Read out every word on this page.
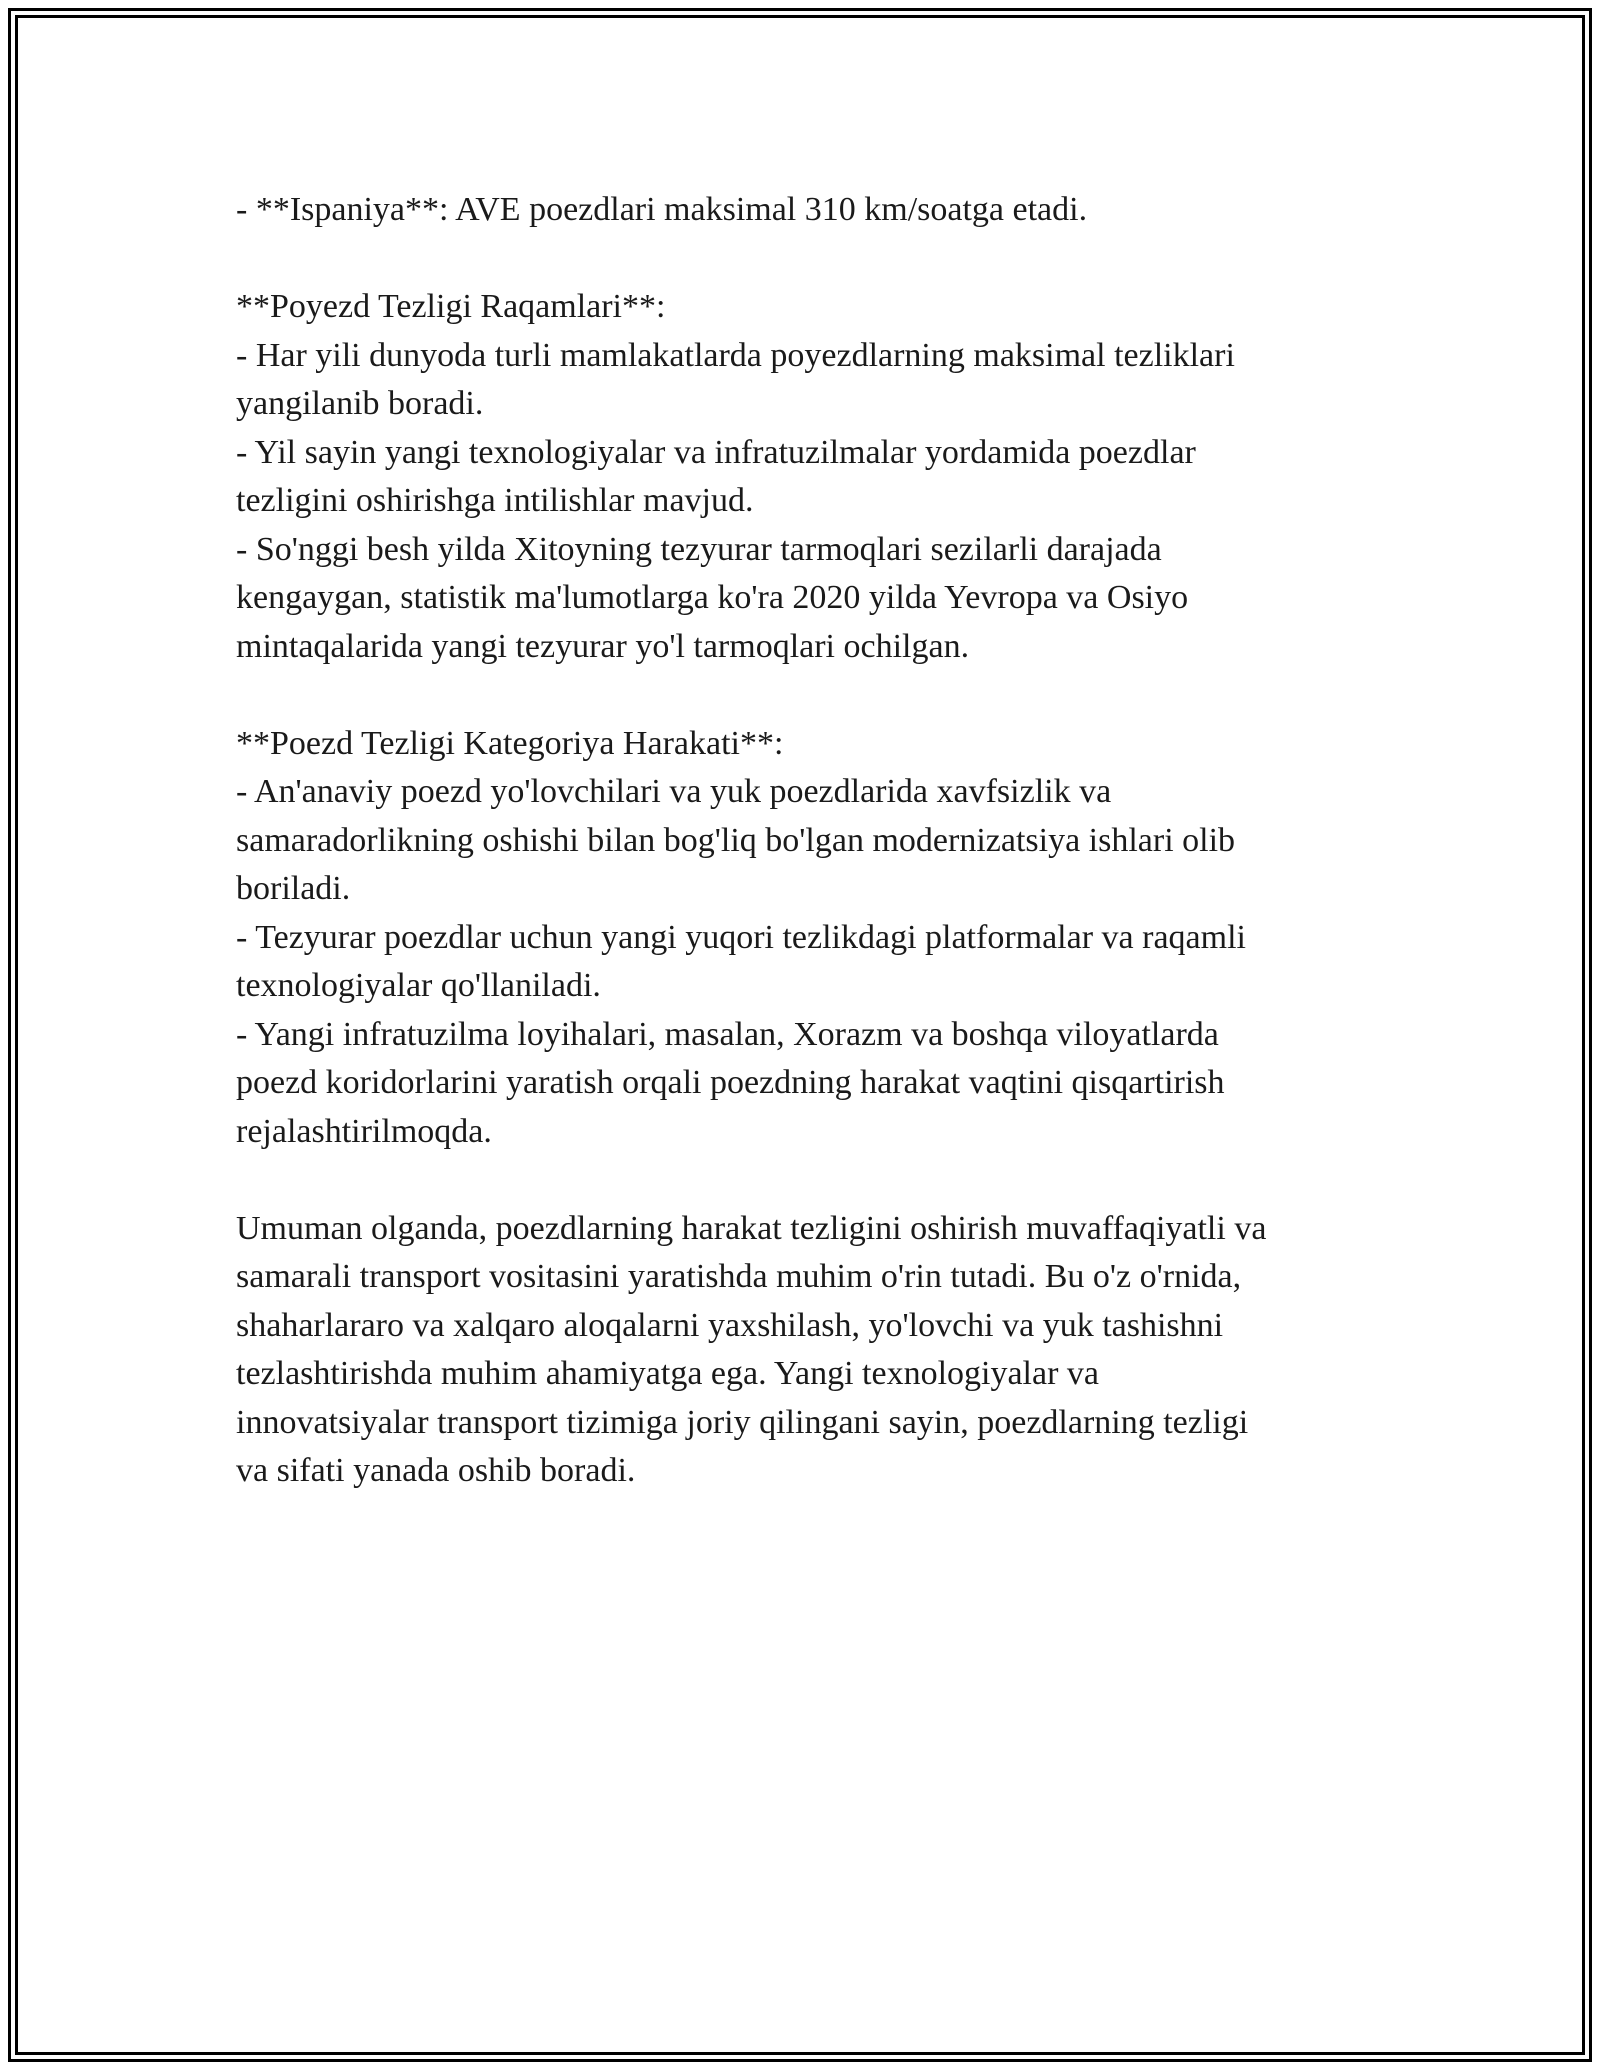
- **Ispaniya**: AVE poezdlari maksimal 310 km/soatga etadi.
**Poyezd Tezligi Raqamlari**:
- Har yili dunyoda turli mamlakatlarda poyezdlarning maksimal tezliklari
yangilanib boradi.
- Yil sayin yangi texnologiyalar va infratuzilmalar yordamida poezdlar
tezligini oshirishga intilishlar mavjud.
- So'nggi besh yilda Xitoyning tezyurar tarmoqlari sezilarli darajada
kengaygan, statistik ma'lumotlarga ko'ra 2020 yilda Yevropa va Osiyo
mintaqalarida yangi tezyurar yo'l tarmoqlari ochilgan.
**Poezd Tezligi Kategoriya Harakati**:
- An'anaviy poezd yo'lovchilari va yuk poezdlarida xavfsizlik va
samaradorlikning oshishi bilan bog'liq bo'lgan modernizatsiya ishlari olib
boriladi.
- Tezyurar poezdlar uchun yangi yuqori tezlikdagi platformalar va raqamli
texnologiyalar qo'llaniladi.
- Yangi infratuzilma loyihalari, masalan, Xorazm va boshqa viloyatlarda
poezd koridorlarini yaratish orqali poezdning harakat vaqtini qisqartirish
rejalashtirilmoqda.
Umuman olganda, poezdlarning harakat tezligini oshirish muvaffaqiyatli va
samarali transport vositasini yaratishda muhim o'rin tutadi. Bu o'z o'rnida,
shaharlararo va xalqaro aloqalarni yaxshilash, yo'lovchi va yuk tashishni
tezlashtirishda muhim ahamiyatga ega. Yangi texnologiyalar va
innovatsiyalar transport tizimiga joriy qilingani sayin, poezdlarning tezligi
va sifati yanada oshib boradi.
